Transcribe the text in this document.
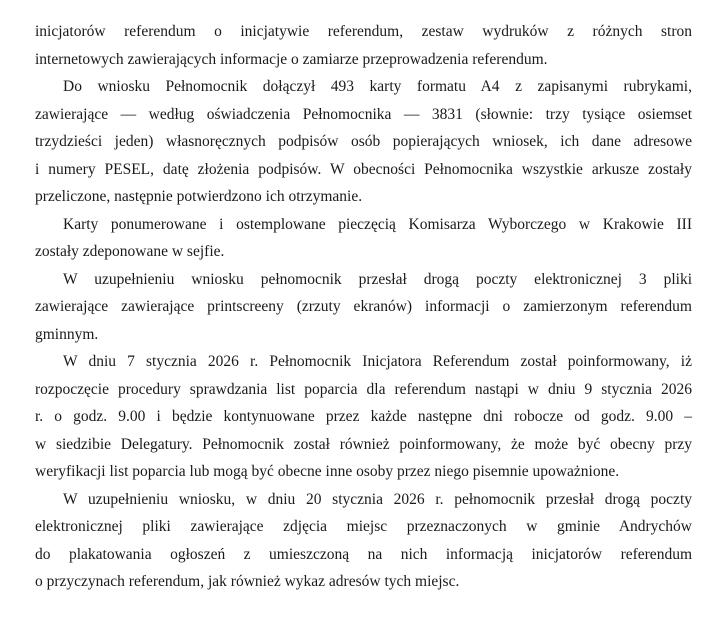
inicjatorów referendum o inicjatywie referendum, zestaw wydruków z różnych stron
internetowych zawierających informacje o zamiarze przeprowadzenia referendum.
Do wniosku Pełnomocnik dołączył 493 karty formatu A4 z zapisanymi rubrykami,
zawierające — według oświadczenia Pełnomocnika — 3831 (słownie: trzy tysiące osiemset
trzydzieści jeden) własnoręcznych podpisów osób popierających wniosek, ich dane adresowe
i numery PESEL, datę złożenia podpisów. W obecności Pełnomocnika wszystkie arkusze zostały
przeliczone, następnie potwierdzono ich otrzymanie.
Karty ponumerowane i ostemplowane pieczęcią Komisarza Wyborczego w Krakowie III
zostały zdeponowane w sejfie.
W uzupełnieniu wniosku pełnomocnik przesłał drogą poczty elektronicznej 3 pliki
zawierające zawierające printscreeny (zrzuty ekranów) informacji o zamierzonym referendum
gminnym.
W dniu 7 stycznia 2026 r. Pełnomocnik Inicjatora Referendum został poinformowany, iż
rozpoczęcie procedury sprawdzania list poparcia dla referendum nastąpi w dniu 9 stycznia 2026
r. o godz. 9.00 i będzie kontynuowane przez każde następne dni robocze od godz. 9.00 –
w siedzibie Delegatury. Pełnomocnik został również poinformowany, że może być obecny przy
weryfikacji list poparcia lub mogą być obecne inne osoby przez niego pisemnie upoważnione.
W uzupełnieniu wniosku, w dniu 20 stycznia 2026 r. pełnomocnik przesłał drogą poczty
elektronicznej pliki zawierające zdjęcia miejsc przeznaczonych w gminie Andrychów
do plakatowania ogłoszeń z umieszczoną na nich informacją inicjatorów referendum
o przyczynach referendum, jak również wykaz adresów tych miejsc.
